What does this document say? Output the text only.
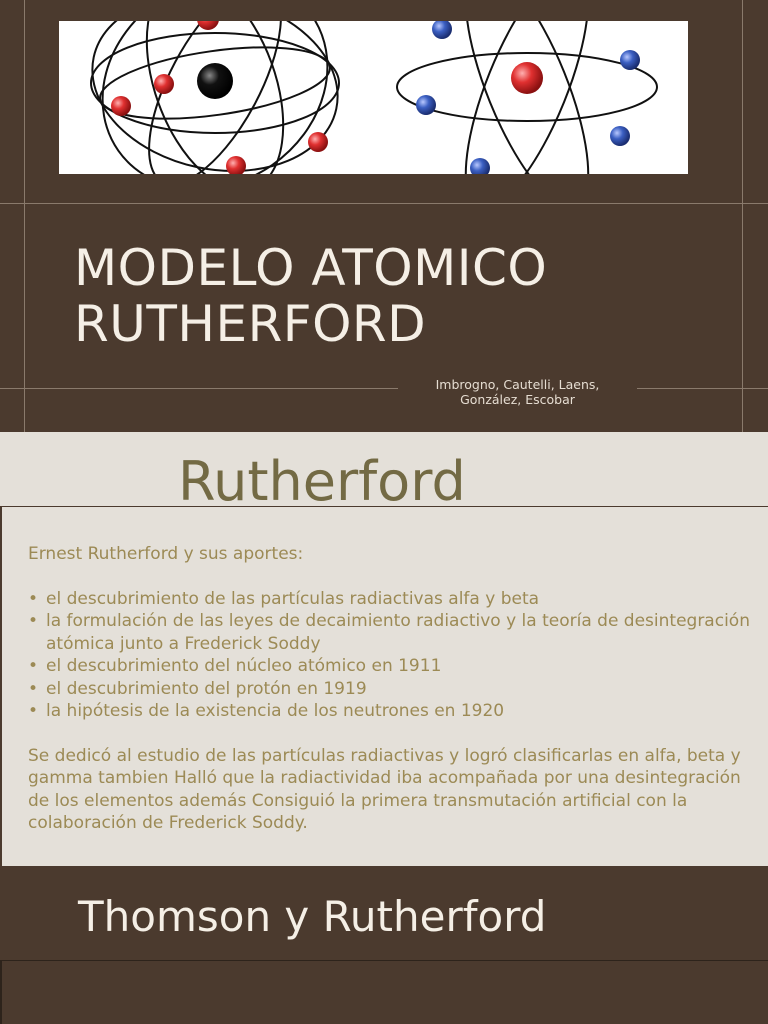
MODELO ATOMICO
RUTHERFORD
Imbrogno, Cautelli, Laens,
González, Escobar
Rutherford

Ernest Rutherford y sus aportes:

• el descubrimiento de las partículas radiactivas alfa y beta
• la formulación de las leyes de decaimiento radiactivo y la teoría de desintegración atómica junto a Frederick Soddy
• el descubrimiento del núcleo atómico en 1911
• el descubrimiento del protón en 1919
• la hipótesis de la existencia de los neutrones en 1920

Se dedicó al estudio de las partículas radiactivas y logró clasificarlas en alfa, beta y gamma tambien Halló que la radiactividad iba acompañada por una desintegración de los elementos además Consiguió la primera transmutación artificial con la colaboración de Frederick Soddy.

Thomson y Rutherford
